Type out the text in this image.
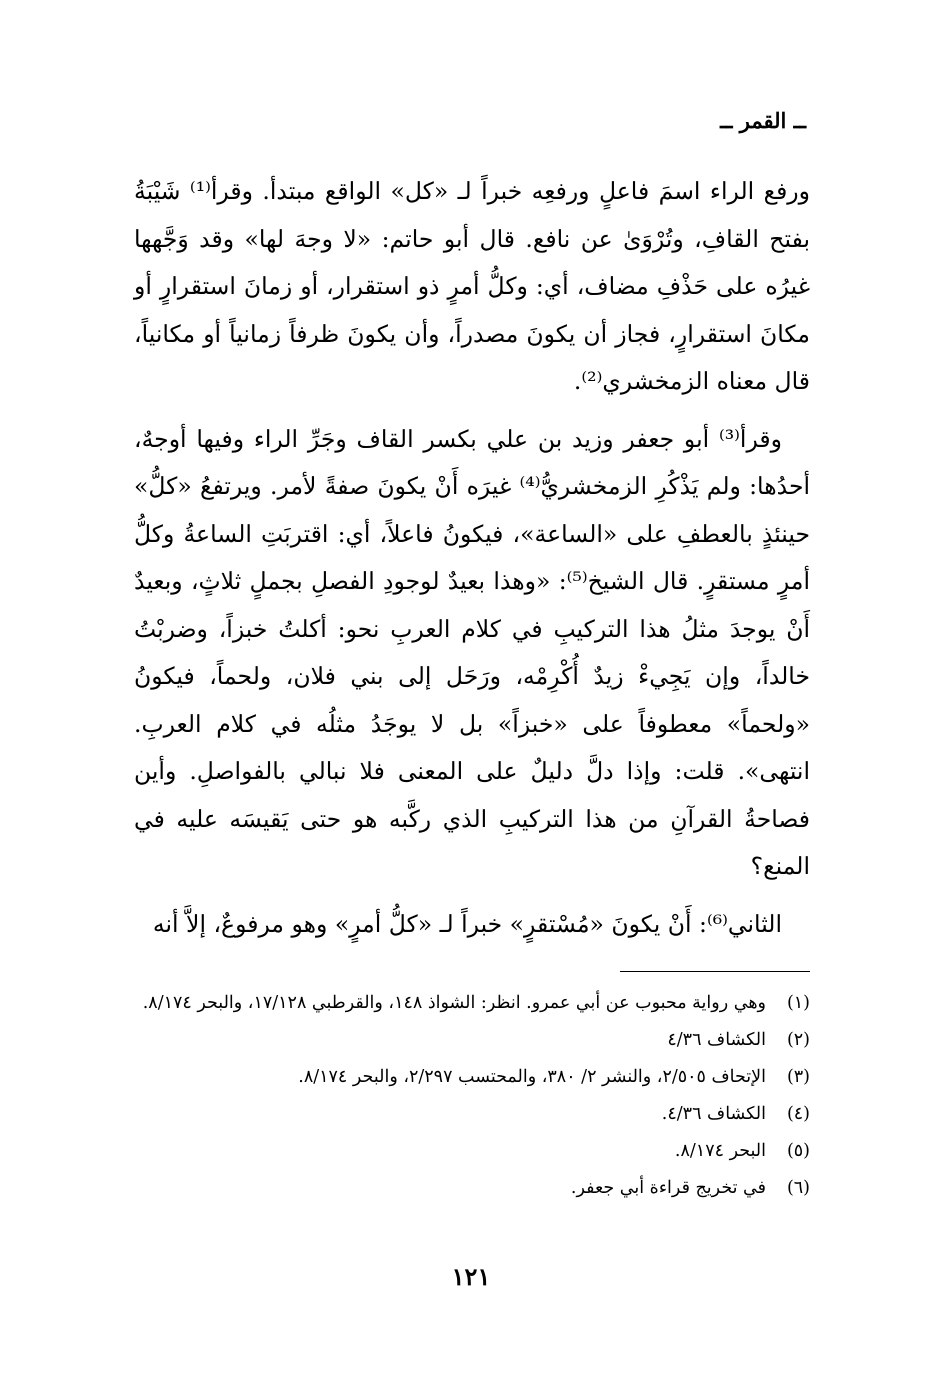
ــ القمر ــ

ورفع الراء اسمَ فاعلٍ ورفعِه خبراً لـ «كل» الواقع مبتدأ. وقرأ⁽¹⁾ شَيْبَةُ بفتح القافِ، وتُرْوَىٰ عن نافع. قال أبو حاتم: «لا وجهَ لها» وقد وَجَّهها غيرُه على حَذْفِ مضاف، أي: وكلُّ أمرٍ ذو استقرار، أو زمانَ استقرارٍ أو مكانَ استقرارٍ، فجاز أن يكونَ مصدراً، وأن يكونَ ظرفاً زمانياً أو مكانياً، قال معناه الزمخشري⁽²⁾.

وقرأ⁽³⁾ أبو جعفر وزيد بن علي بكسر القاف وجَرِّ الراء وفيها أوجهٌ، أحدُها: ولم يَذْكُرِ الزمخشريُّ⁽⁴⁾ غيرَه أَنْ يكونَ صفةً لأمر. ويرتفعُ «كلُّ» حينئذٍ بالعطفِ على «الساعة»، فيكونُ فاعلاً، أي: اقتربَتِ الساعةُ وكلُّ أمرٍ مستقرٍ. قال الشيخ⁽⁵⁾: «وهذا بعيدٌ لوجودِ الفصلِ بجملٍ ثلاثٍ، وبعيدٌ أَنْ يوجدَ مثلُ هذا التركيبِ في كلام العربِ نحو: أكلتُ خبزاً، وضربْتُ خالداً، وإن يَجِيءْ زيدٌ أُكْرِمْه، ورَحَل إلى بني فلان، ولحماً، فيكونُ «ولحماً» معطوفاً على «خبزاً» بل لا يوجَدُ مثلُه في كلام العربِ. انتهى». قلت: وإذا دلَّ دليلٌ على المعنى فلا نبالي بالفواصلِ. وأين فصاحةُ القرآنِ من هذا التركيبِ الذي ركَّبه هو حتى يَقيسَه عليه في المنع؟

الثاني⁽⁶⁾: أَنْ يكونَ «مُسْتقرٍ» خبراً لـ «كلُّ أمرٍ» وهو مرفوعٌ، إلاَّ أنه

(١)
وهي رواية محبوب عن أبي عمرو. انظر: الشواذ ١٤٨، والقرطبي ١٧/١٢٨، والبحر ٨/١٧٤.
(٢)
الكشاف ٤/٣٦
(٣)
الإتحاف ٢/٥٠٥، والنشر ٢/ ٣٨٠، والمحتسب ٢/٢٩٧، والبحر ٨/١٧٤.
(٤)
الكشاف ٤/٣٦.
(٥)
البحر ٨/١٧٤.
(٦)
في تخريج قراءة أبي جعفر.
١٢١
